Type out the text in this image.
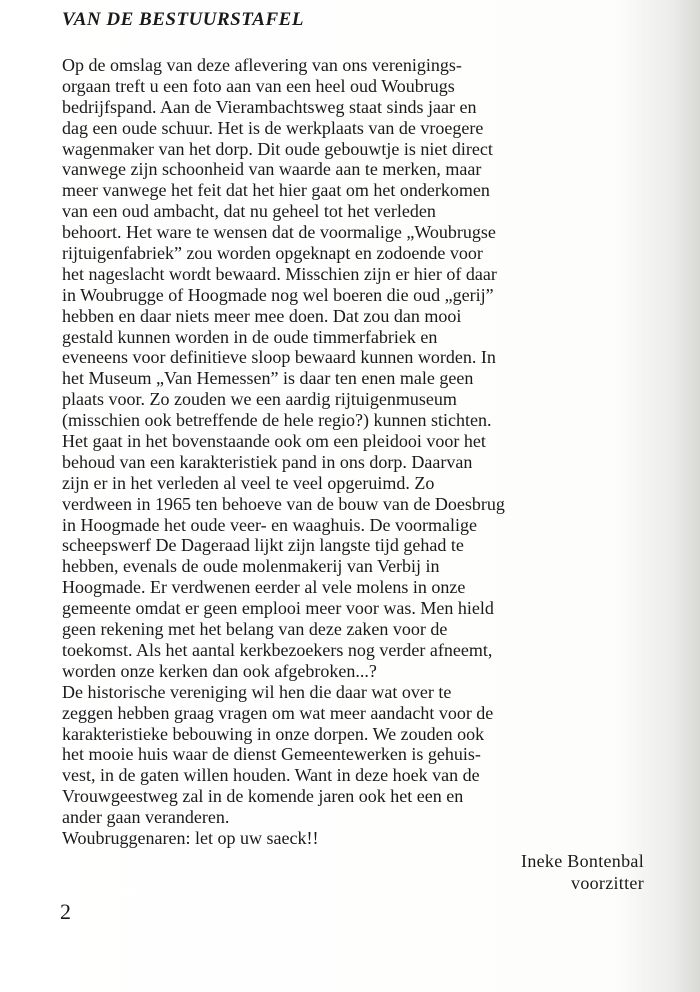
VAN DE BESTUURSTAFEL
Op de omslag van deze aflevering van ons verenigings-
orgaan treft u een foto aan van een heel oud Woubrugs
bedrijfspand. Aan de Vierambachtsweg staat sinds jaar en
dag een oude schuur. Het is de werkplaats van de vroegere
wagenmaker van het dorp. Dit oude gebouwtje is niet direct
vanwege zijn schoonheid van waarde aan te merken, maar
meer vanwege het feit dat het hier gaat om het onderkomen
van een oud ambacht, dat nu geheel tot het verleden
behoort. Het ware te wensen dat de voormalige „Woubrugse
rijtuigenfabriek” zou worden opgeknapt en zodoende voor
het nageslacht wordt bewaard. Misschien zijn er hier of daar
in Woubrugge of Hoogmade nog wel boeren die oud „gerij”
hebben en daar niets meer mee doen. Dat zou dan mooi
gestald kunnen worden in de oude timmerfabriek en
eveneens voor definitieve sloop bewaard kunnen worden. In
het Museum „Van Hemessen” is daar ten enen male geen
plaats voor. Zo zouden we een aardig rijtuigenmuseum
(misschien ook betreffende de hele regio?) kunnen stichten.
Het gaat in het bovenstaande ook om een pleidooi voor het
behoud van een karakteristiek pand in ons dorp. Daarvan
zijn er in het verleden al veel te veel opgeruimd. Zo
verdween in 1965 ten behoeve van de bouw van de Doesbrug
in Hoogmade het oude veer- en waaghuis. De voormalige
scheepswerf De Dageraad lijkt zijn langste tijd gehad te
hebben, evenals de oude molenmakerij van Verbij in
Hoogmade. Er verdwenen eerder al vele molens in onze
gemeente omdat er geen emplooi meer voor was. Men hield
geen rekening met het belang van deze zaken voor de
toekomst. Als het aantal kerkbezoekers nog verder afneemt,
worden onze kerken dan ook afgebroken...?
De historische vereniging wil hen die daar wat over te
zeggen hebben graag vragen om wat meer aandacht voor de
karakteristieke bebouwing in onze dorpen. We zouden ook
het mooie huis waar de dienst Gemeentewerken is gehuis-
vest, in de gaten willen houden. Want in deze hoek van de
Vrouwgeestweg zal in de komende jaren ook het een en
ander gaan veranderen.
Woubruggenaren: let op uw saeck!!
Ineke Bontenbal
voorzitter
2
